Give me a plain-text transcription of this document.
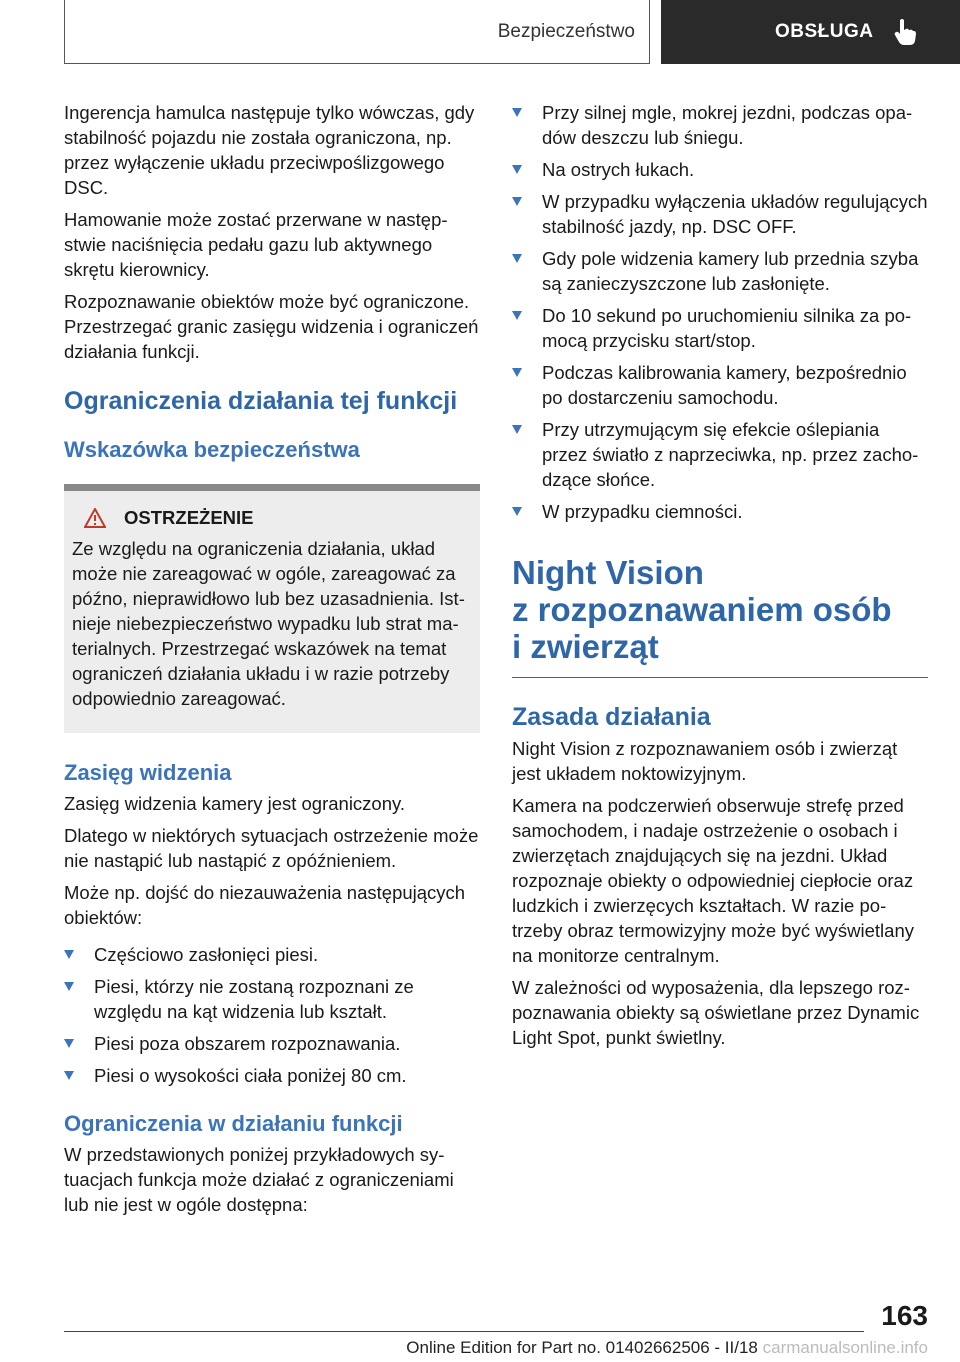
Bezpieczeństwo	OBSŁUGA

Ingerencja hamulca następuje tylko wówczas, gdy stabilność pojazdu nie została ograniczona, np. przez wyłączenie układu przeciwpoślizgowego DSC.

Hamowanie może zostać przerwane w następstwie naciśnięcia pedału gazu lub aktywnego skrętu kierownicy.

Rozpoznawanie obiektów może być ograniczone. Przestrzegać granic zasięgu widzenia i ograniczeń działania funkcji.

Ograniczenia działania tej funkcji
Wskazówka bezpieczeństwa
OSTRZEŻENIE
Ze względu na ograniczenia działania, układ może nie zareagować w ogóle, zareagować za późno, nieprawidłowo lub bez uzasadnienia. Istnieje niebezpieczeństwo wypadku lub strat materialnych. Przestrzegać wskazówek na temat ograniczeń działania układu i w razie potrzeby odpowiednio zareagować.
Zasięg widzenia

Zasięg widzenia kamery jest ograniczony.

Dlatego w niektórych sytuacjach ostrzeżenie może nie nastąpić lub nastąpić z opóźnieniem.

Może np. dojść do niezauważenia następujących obiektów:

Częściowo zasłonięci piesi.
Piesi, którzy nie zostaną rozpoznani ze względu na kąt widzenia lub kształt.
Piesi poza obszarem rozpoznawania.
Piesi o wysokości ciała poniżej 80 cm.
Ograniczenia w działaniu funkcji

W przedstawionych poniżej przykładowych sytuacjach funkcja może działać z ograniczeniami lub nie jest w ogóle dostępna:

Przy silnej mgle, mokrej jezdni, podczas opadów deszczu lub śniegu.
Na ostrych łukach.
W przypadku wyłączenia układów regulujących stabilność jazdy, np. DSC OFF.
Gdy pole widzenia kamery lub przednia szyba są zanieczyszczone lub zasłonięte.
Do 10 sekund po uruchomieniu silnika za pomocą przycisku start/stop.
Podczas kalibrowania kamery, bezpośrednio po dostarczeniu samochodu.
Przy utrzymującym się efekcie oślepiania przez światło z naprzeciwka, np. przez zachodzące słońce.
W przypadku ciemności.
Night Vision
z rozpoznawaniem osób
i zwierząt
Zasada działania

Night Vision z rozpoznawaniem osób i zwierząt jest układem noktowizyjnym.

Kamera na podczerwień obserwuje strefę przed samochodem, i nadaje ostrzeżenie o osobach i zwierzętach znajdujących się na jezdni. Układ rozpoznaje obiekty o odpowiedniej ciepłocie oraz ludzkich i zwierzęcych kształtach. W razie potrzeby obraz termowizyjny może być wyświetlany na monitorze centralnym.

W zależności od wyposażenia, dla lepszego rozpoznawania obiekty są oświetlane przez Dynamic Light Spot, punkt świetlny.

163
Online Edition for Part no. 01402662506 - II/18 carmanualsonline.info
